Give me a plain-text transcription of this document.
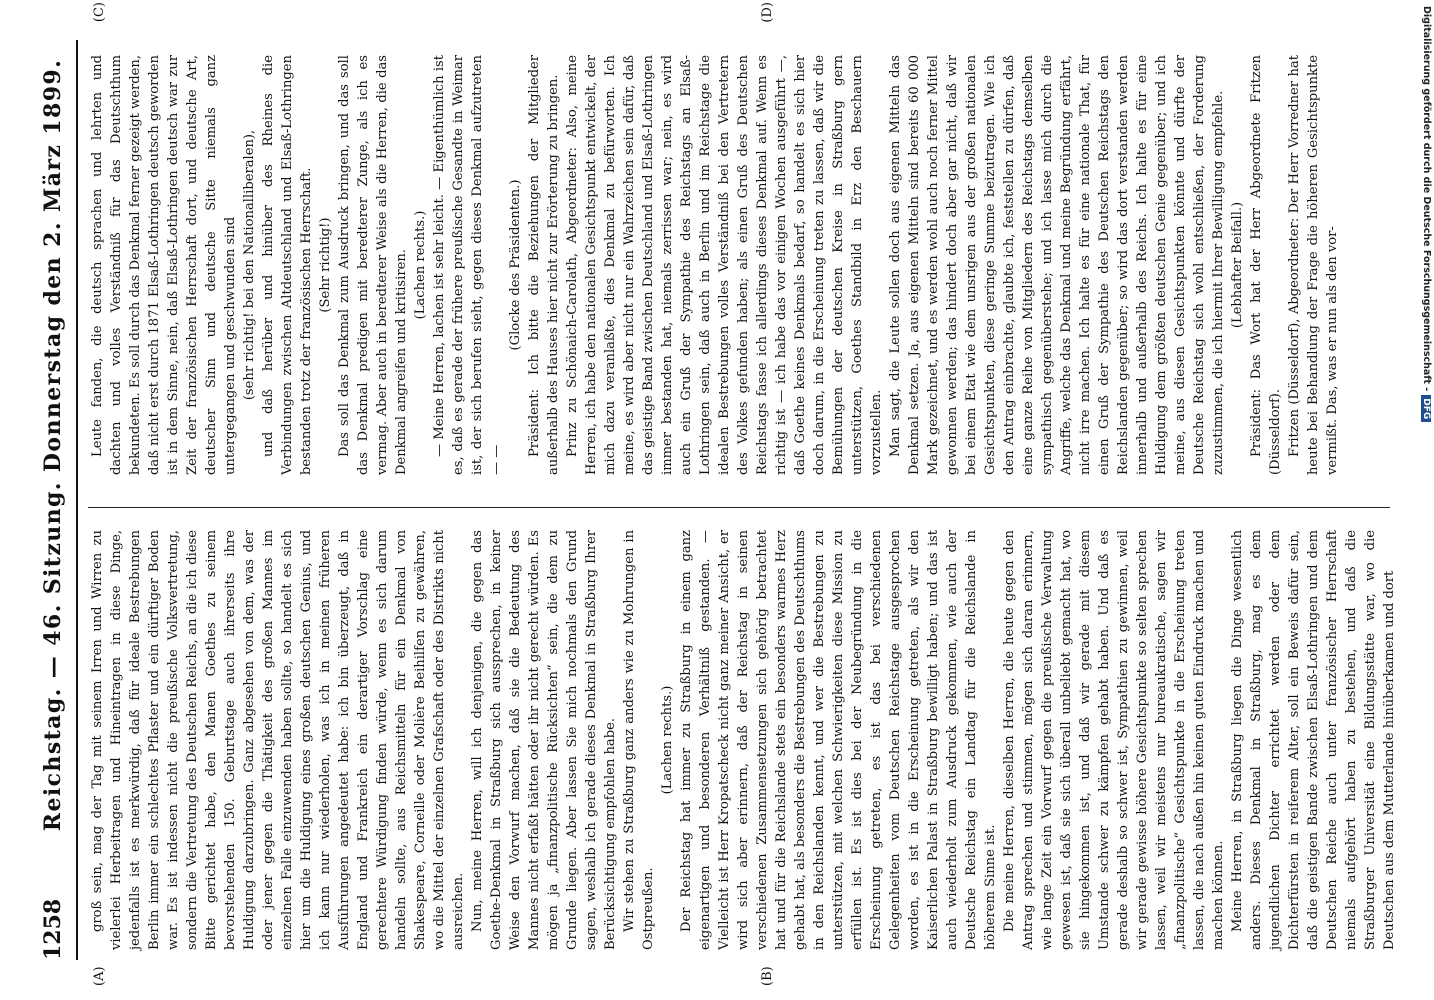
1258
Reichstag. — 46. Sitzung. Donnerstag den 2. März 1899.
(A)	(B)
(C)	(D)

groß sein, mag der Tag mit seinem Irren und Wirren zu vielerlei Herbeitragen und Hineintragen in diese Dinge, jedenfalls ist es merkwürdig, daß für ideale Bestrebungen Berlin immer ein schlechtes Pflaster und ein dürftiger Boden war. Es ist indessen nicht die preußische Volksvertretung, sondern die Vertretung des Deutschen Reichs, an die ich diese Bitte gerichtet habe, den Manen Goethes zu seinem bevorstehenden 150. Geburtstage auch ihrerseits ihre Huldigung darzubringen. Ganz abgesehen von dem, was der oder jener gegen die Thätigkeit des großen Mannes im einzelnen Falle einzuwenden haben sollte, so handelt es sich hier um die Huldigung eines großen deutschen Genius, und ich kann nur wiederholen, was ich in meinen früheren Ausführungen angedeutet habe: ich bin überzeugt, daß in England und Frankreich ein derartiger Vorschlag eine gerechtere Würdigung finden würde, wenn es sich darum handeln sollte, aus Reichsmitteln für ein Denkmal von Shakespeare, Corneille oder Molière Beihilfen zu gewähren, wo die Mittel der einzelnen Grafschaft oder des Distrikts nicht ausreichen. Nun, meine Herren, will ich denjenigen, die gegen das Goethe-Denkmal in Straßburg sich aussprechen, in keiner Weise den Vorwurf machen, daß sie die Bedeutung des Mannes nicht erfaßt hätten oder ihr nicht gerecht würden. Es mögen ja „finanzpolitische Rücksichten“ sein, die dem zu Grunde liegen. Aber lassen Sie mich nochmals den Grund sagen, weshalb ich gerade dieses Denkmal in Straßburg Ihrer Berücksichtigung empfohlen habe. Wir stehen zu Straßburg ganz anders wie zu Mohrungen in Ostpreußen.

(Lachen rechts.) Der Reichstag hat immer zu Straßburg in einem ganz eigenartigen und besonderen Verhältniß gestanden. — Vielleicht ist Herr Kropatscheck nicht ganz meiner Ansicht, er wird sich aber erinnern, daß der Reichstag in seinen verschiedenen Zusammensetzungen sich gehörig betrachtet hat und für die Reichslande stets ein besonders warmes Herz gehabt hat, als besonders die Bestrebungen des Deutschthums in den Reichslanden kennt, und wer die Bestrebungen zu unterstützen, mit welchen Schwierigkeiten diese Mission zu erfüllen ist. Es ist dies bei der Neubegründung in die Erscheinung getreten, es ist das bei verschiedenen Gelegenheiten vom Deutschen Reichstage ausgesprochen worden, es ist in die Erscheinung getreten, als wir den Kaiserlichen Palast in Straßburg bewilligt haben; und das ist auch wiederholt zum Ausdruck gekommen, wie auch der Deutsche Reichstag ein Landtag für die Reichslande in höherem Sinne ist. Die meine Herren, dieselben Herren, die heute gegen den Antrag sprechen und stimmen, mögen sich daran erinnern, wie lange Zeit ein Vorwurf gegen die preußische Verwaltung gewesen ist, daß sie sich überall unbeliebt gemacht hat, wo sie hingekommen ist, und daß wir gerade mit diesem Umstande schwer zu kämpfen gehabt haben. Und daß es gerade deshalb so schwer ist, Sympathien zu gewinnen, weil wir gerade gewisse höhere Gesichtspunkte so selten sprechen lassen, weil wir meistens nur bureaukratische, sagen wir „finanzpolitische“ Gesichtspunkte in die Erscheinung treten lassen, die nach außen hin keinen guten Eindruck machen und machen können. Meine Herren, in Straßburg liegen die Dinge wesentlich anders. Dieses Denkmal in Straßburg, mag es dem jugendlichen Dichter errichtet werden oder dem Dichterfürsten in reiferem Alter, soll ein Beweis dafür sein, daß die geistigen Bande zwischen Elsaß-Lothringen und dem Deutschen Reiche auch unter französischer Herrschaft niemals aufgehört haben zu bestehen, und daß die Straßburger Universität eine Bildungsstätte war, wo die Deutschen aus dem Mutterlande hinüberkamen und dort

Leute fanden, die deutsch sprachen und lehrten und dachten und volles Verständniß für das Deutschthum bekundeten. Es soll durch das Denkmal ferner gezeigt werden, daß nicht erst durch 1871 Elsaß-Lothringen deutsch geworden ist in dem Sinne, nein, daß Elsaß-Lothringen deutsch war zur Zeit der französischen Herrschaft dort, und deutsche Art, deutscher Sinn und deutsche Sitte niemals ganz untergegangen und geschwunden sind (sehr richtig! bei den Nationalliberalen), und daß herüber und hinüber des Rheines die Verbindungen zwischen Altdeutschland und Elsaß-Lothringen bestanden trotz der französischen Herrschaft. (Sehr richtig!) Das soll das Denkmal zum Ausdruck bringen, und das soll das Denkmal predigen mit beredterer Zunge, als ich es vermag. Aber auch in beredterer Weise als die Herren, die das Denkmal angreifen und kritisiren. (Lachen rechts.) — Meine Herren, lachen ist sehr leicht. — Eigenthümlich ist es, daß es gerade der frühere preußische Gesandte in Weimar ist, der sich berufen sieht, gegen dieses Denkmal aufzutreten — —

(Glocke des Präsidenten.) Präsident: Ich bitte die Beziehungen der Mitglieder außerhalb des Hauses hier nicht zur Erörterung zu bringen. Prinz zu Schönaich-Carolath, Abgeordneter: Also, meine Herren, ich habe den nationalen Gesichtspunkt entwickelt, der mich dazu veranlaßte, dies Denkmal zu befürworten. Ich meine, es wird aber nicht nur ein Wahrzeichen sein dafür, daß das geistige Band zwischen Deutschland und Elsaß-Lothringen immer bestanden hat, niemals zerrissen war; nein, es wird auch ein Gruß der Sympathie des Reichstags an Elsaß-Lothringen sein, daß auch in Berlin und im Reichstage die idealen Bestrebungen volles Verständniß bei den Vertretern des Volkes gefunden haben; als einen Gruß des Deutschen Reichstags fasse ich allerdings dieses Denkmal auf. Wenn es richtig ist — ich habe das vor einigen Wochen ausgeführt —, daß Goethe keines Denkmals bedarf, so handelt es sich hier doch darum, in die Erscheinung treten zu lassen, daß wir die Bemühungen der deutschen Kreise in Straßburg gern unterstützen, Goethes Standbild in Erz den Beschauern vorzustellen. Man sagt, die Leute sollen doch aus eigenen Mitteln das Denkmal setzen. Ja, aus eigenen Mitteln sind bereits 60 000 Mark gezeichnet, und es werden wohl auch noch ferner Mittel gewonnen werden; das hindert doch aber gar nicht, daß wir bei einem Etat wie dem unsrigen aus der großen nationalen Gesichtspunkten, diese geringe Summe beizutragen. Wie ich den Antrag einbrachte, glaubte ich, feststellen zu dürfen, daß eine ganze Reihe von Mitgliedern des Reichstags demselben sympathisch gegenüberstehe; und ich lasse mich durch die Angriffe, welche das Denkmal und meine Begründung erfährt, nicht irre machen. Ich halte es für eine nationale That, für einen Gruß der Sympathie des Deutschen Reichstags den Reichslanden gegenüber; so wird das dort verstanden werden innerhalb und außerhalb des Reichs. Ich halte es für eine Huldigung dem größten deutschen Genie gegenüber; und ich meine, aus diesen Gesichtspunkten könnte und dürfte der Deutsche Reichstag sich wohl entschließen, der Forderung zuzustimmen, die ich hiermit Ihrer Bewilligung empfehle. (Lebhafter Beifall.) Präsident: Das Wort hat der Herr Abgeordnete Fritzen (Düsseldorf). Fritzen (Düsseldorf), Abgeordneter: Der Herr Vorredner hat heute bei Behandlung der Frage die höheren Gesichtspunkte vermißt. Das, was er nun als den vor-	Digitalisierung gefördert durch die Deutsche Forschungsgemeinschaft -DFG
